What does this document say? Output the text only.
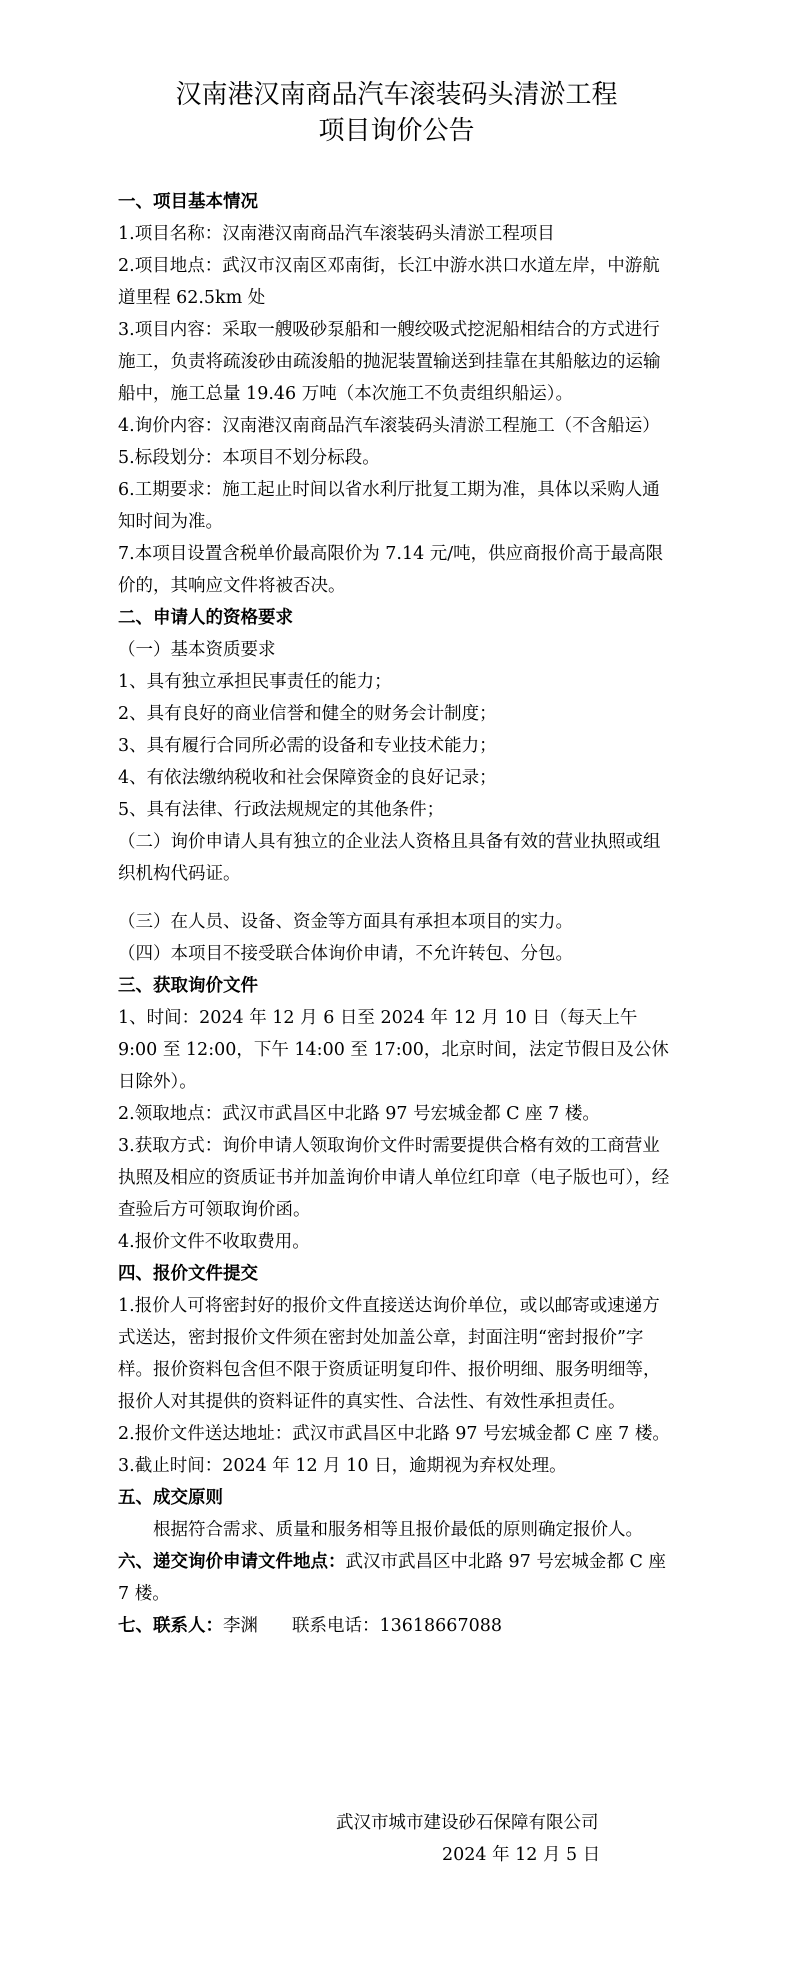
汉南港汉南商品汽车滚装码头清淤工程
项目询价公告
一、项目基本情况

1.项目名称：汉南港汉南商品汽车滚装码头清淤工程项目

2.项目地点：武汉市汉南区邓南街，长江中游水洪口水道左岸，中游航道里程 62.5km 处

3.项目内容：采取一艘吸砂泵船和一艘绞吸式挖泥船相结合的方式进行施工，负责将疏浚砂由疏浚船的抛泥装置输送到挂靠在其船舷边的运输船中，施工总量 19.46 万吨（本次施工不负责组织船运）。

4.询价内容：汉南港汉南商品汽车滚装码头清淤工程施工（不含船运）

5.标段划分：本项目不划分标段。

6.工期要求：施工起止时间以省水利厅批复工期为准，具体以采购人通知时间为准。

7.本项目设置含税单价最高限价为 7.14 元/吨，供应商报价高于最高限价的，其响应文件将被否决。

二、申请人的资格要求

（一）基本资质要求

1、具有独立承担民事责任的能力；

2、具有良好的商业信誉和健全的财务会计制度；

3、具有履行合同所必需的设备和专业技术能力；

4、有依法缴纳税收和社会保障资金的良好记录；

5、具有法律、行政法规规定的其他条件；

（二）询价申请人具有独立的企业法人资格且具备有效的营业执照或组织机构代码证。

（三）在人员、设备、资金等方面具有承担本项目的实力。

（四）本项目不接受联合体询价申请，不允许转包、分包。

三、获取询价文件

1、时间：2024 年 12 月 6 日至 2024 年 12 月 10 日（每天上午 9:00 至 12:00，下午 14:00 至 17:00，北京时间，法定节假日及公休日除外）。

2.领取地点：武汉市武昌区中北路 97 号宏城金都 C 座 7 楼。

3.获取方式：询价申请人领取询价文件时需要提供合格有效的工商营业执照及相应的资质证书并加盖询价申请人单位红印章（电子版也可），经查验后方可领取询价函。

4.报价文件不收取费用。

四、报价文件提交

1.报价人可将密封好的报价文件直接送达询价单位，或以邮寄或速递方式送达，密封报价文件须在密封处加盖公章，封面注明“密封报价”字样。报价资料包含但不限于资质证明复印件、报价明细、服务明细等，报价人对其提供的资料证件的真实性、合法性、有效性承担责任。

2.报价文件送达地址：武汉市武昌区中北路 97 号宏城金都 C 座 7 楼。

3.截止时间：2024 年 12 月 10 日，逾期视为弃权处理。

五、成交原则

根据符合需求、质量和服务相等且报价最低的原则确定报价人。

六、递交询价申请文件地点：武汉市武昌区中北路 97 号宏城金都 C 座 7 楼。

七、联系人：李渊 联系电话：13618667088

武汉市城市建设砂石保障有限公司
2024 年 12 月 5 日
